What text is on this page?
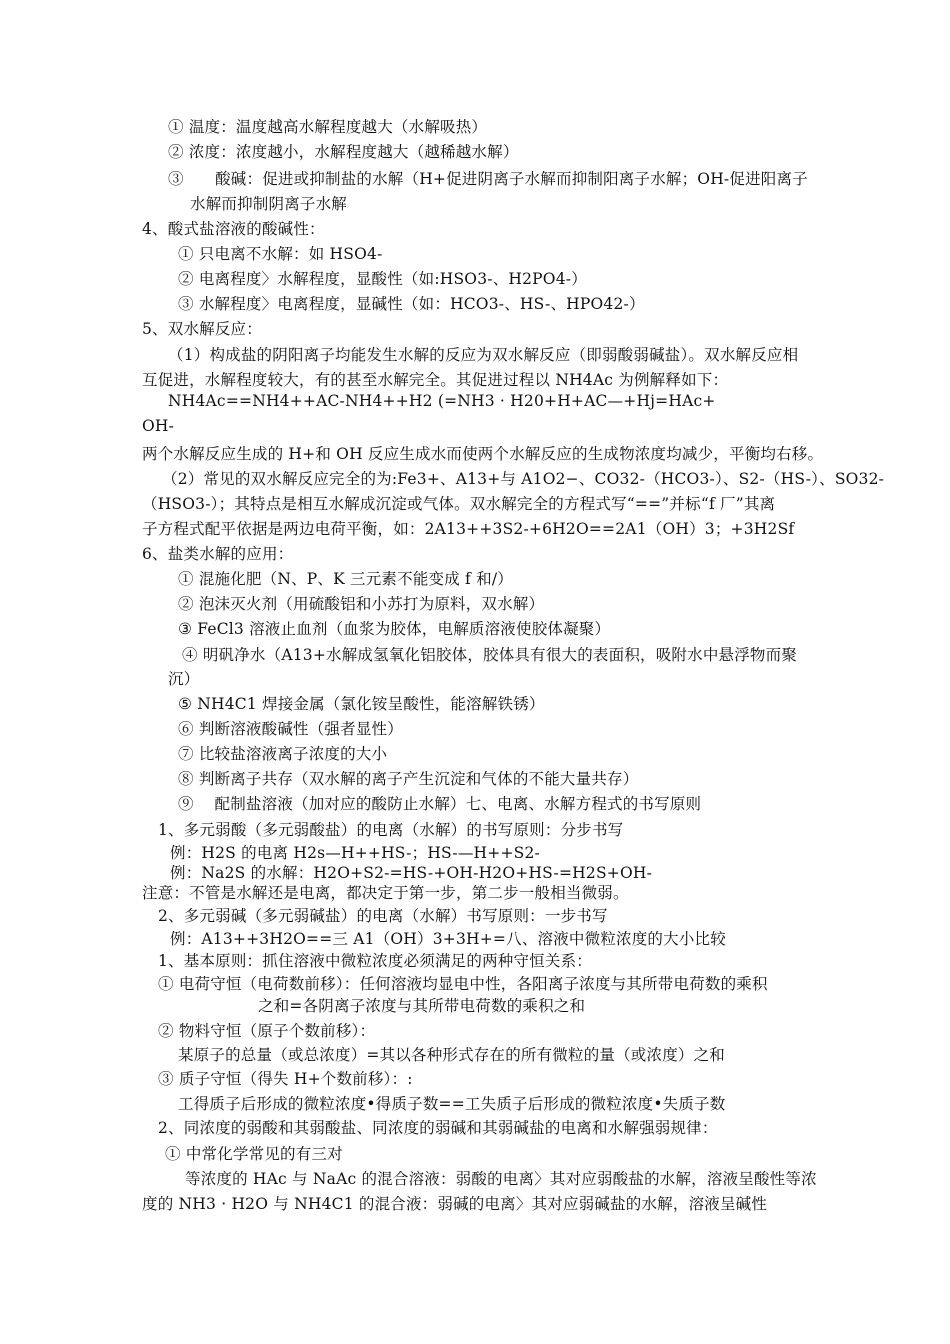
① 温度：温度越高水解程度越大（水解吸热）
② 浓度：浓度越小，水解程度越大（越稀越水解）
③　　酸碱：促进或抑制盐的水解（H+促进阴离子水解而抑制阳离子水解；OH-促进阳离子
水解而抑制阴离子水解
4、酸式盐溶液的酸碱性：
① 只电离不水解：如 HSO4-
② 电离程度〉水解程度，显酸性（如:HSO3-、H2PO4-）
③ 水解程度〉电离程度，显碱性（如：HCO3-、HS-、HPO42-）
5、双水解反应：
（1）构成盐的阴阳离子均能发生水解的反应为双水解反应（即弱酸弱碱盐）。双水解反应相
互促进，水解程度较大，有的甚至水解完全。其促进过程以 NH4Ac 为例解释如下：
NH4Ac==NH4++AC-NH4++H2 (=NH3 · H20+H+AC—+Hj=HAc+
OH-
两个水解反应生成的 H+和 OH 反应生成水而使两个水解反应的生成物浓度均减少，平衡均右移。
（2）常见的双水解反应完全的为:Fe3+、A13+与 A1O2−、CO32-（HCO3-）、S2-（HS-）、SO32-
（HSO3-）；其特点是相互水解成沉淀或气体。双水解完全的方程式写“==”并标“f 厂”其离
子方程式配平依据是两边电荷平衡，如：2A13++3S2-+6H2O==2A1（OH）3；+3H2Sf
6、盐类水解的应用：
① 混施化肥（N、P、K 三元素不能变成 f 和/）
② 泡沫灭火剂（用硫酸铝和小苏打为原料，双水解）
③ FeCl3 溶液止血剂（血浆为胶体，电解质溶液使胶体凝聚）
④ 明矾净水（A13+水解成氢氧化铝胶体，胶体具有很大的表面积，吸附水中悬浮物而聚
沉）
⑤ NH4C1 焊接金属（氯化铵呈酸性，能溶解铁锈）
⑥ 判断溶液酸碱性（强者显性）
⑦ 比较盐溶液离子浓度的大小
⑧ 判断离子共存（双水解的离子产生沉淀和气体的不能大量共存）
⑨　 配制盐溶液（加对应的酸防止水解）七、电离、水解方程式的书写原则
1、多元弱酸（多元弱酸盐）的电离（水解）的书写原则：分步书写
例：H2S 的电离 H2s—H++HS-；HS-—H++S2-
例：Na2S 的水解：H2O+S2-=HS-+OH-H2O+HS-=H2S+OH-
注意：不管是水解还是电离，都决定于第一步，第二步一般相当微弱。
2、多元弱碱（多元弱碱盐）的电离（水解）书写原则：一步书写
例：A13++3H2O==三 A1（OH）3+3H+=八、溶液中微粒浓度的大小比较
1、基本原则：抓住溶液中微粒浓度必须满足的两种守恒关系：
① 电荷守恒（电荷数前移）：任何溶液均显电中性，各阳离子浓度与其所带电荷数的乘积
之和=各阴离子浓度与其所带电荷数的乘积之和
② 物料守恒（原子个数前移）：
某原子的总量（或总浓度）=其以各种形式存在的所有微粒的量（或浓度）之和
③ 质子守恒（得失 H+个数前移）：:
工得质子后形成的微粒浓度•得质子数==工失质子后形成的微粒浓度•失质子数
2、同浓度的弱酸和其弱酸盐、同浓度的弱碱和其弱碱盐的电离和水解强弱规律：
① 中常化学常见的有三对
等浓度的 HAc 与 NaAc 的混合溶液：弱酸的电离〉其对应弱酸盐的水解，溶液呈酸性等浓
度的 NH3 · H2O 与 NH4C1 的混合液：弱碱的电离〉其对应弱碱盐的水解，溶液呈碱性
